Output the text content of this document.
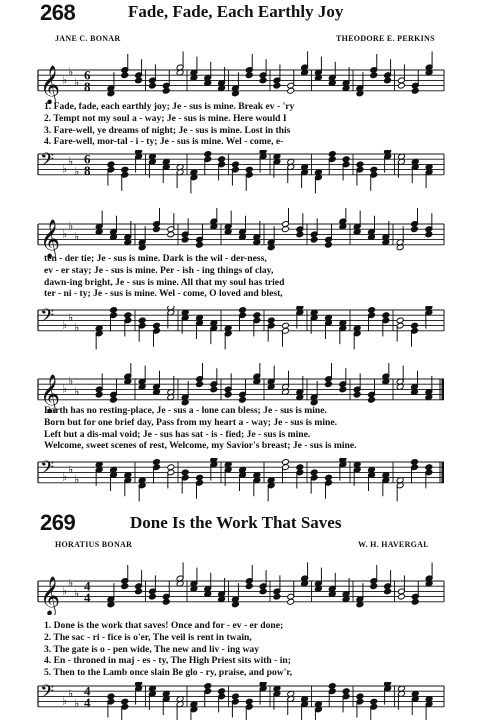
268	Fade, Fade, Each Earthly Joy
JANE C. BONAR	THEODORE E. PERKINS
𝄞 ♭
♭
♭
6
8
1. Fade, fade, each earthly joy; Je - sus is mine. Break ev - 'ry
2. Tempt not my soul a - way; Je - sus is mine. Here would I
3. Fare-well, ye dreams of night; Je - sus is mine. Lost in this
4. Fare-well, mor-tal - i - ty; Je - sus is mine. Wel - come, e-
𝄢 ♭
♭
♭
6
8
𝄞 ♭
♭
♭
ten - der tie; Je - sus is mine. Dark is the wil - der-ness,
ev - er stay; Je - sus is mine. Per - ish - ing things of clay,
dawn-ing bright, Je - sus is mine. All that my soul has tried
ter - ni - ty; Je - sus is mine. Wel - come, O loved and blest,
𝄢 ♭
♭
♭
𝄞 ♭
♭
♭
Earth has no resting-place, Je - sus a - lone can bless; Je - sus is mine.
Born but for one brief day, Pass from my heart a - way; Je - sus is mine.
Left but a dis-mal void; Je - sus has sat - is - fied; Je - sus is mine.
Welcome, sweet scenes of rest, Welcome, my Savior's breast; Je - sus is mine.
𝄢 ♭
♭
♭
269	Done Is the Work That Saves
HORATIUS BONAR	W. H. HAVERGAL
𝄞 ♭
♭
♭
4
4
1. Done is the work that saves! Once and for - ev - er done;
2. The sac - ri - fice is o'er, The veil is rent in twain,
3. The gate is o - pen wide, The new and liv - ing way
4. En - throned in maj - es - ty, The High Priest sits with - in;
5. Then to the Lamb once slain Be glo - ry, praise, and pow'r,
𝄢 ♭
♭
♭
4
4
